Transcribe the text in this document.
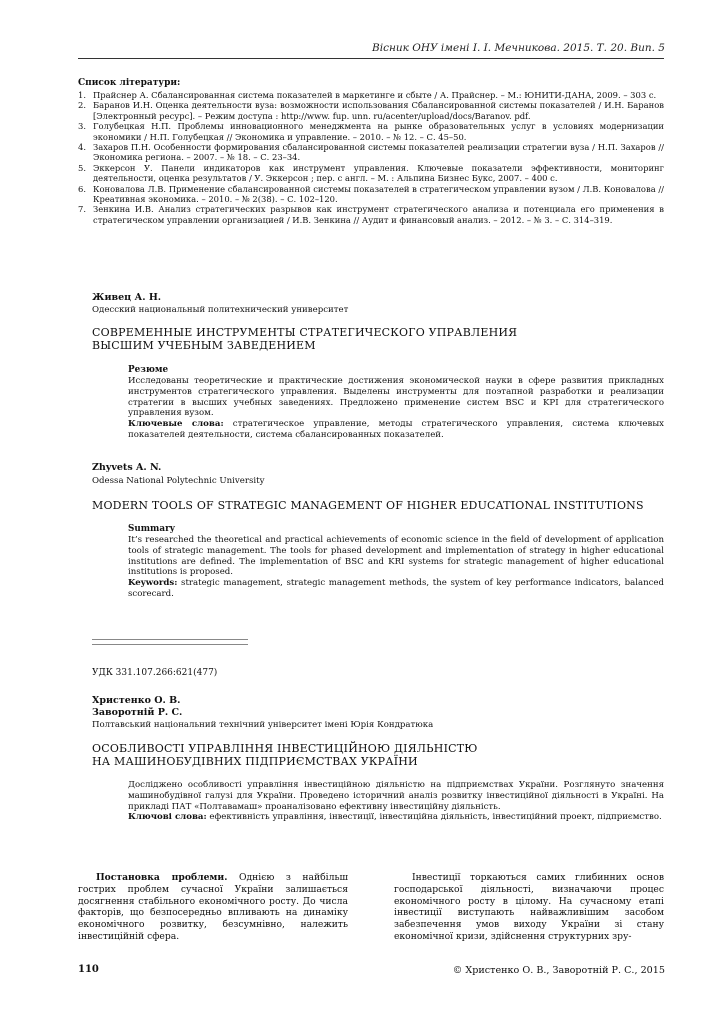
Вісник ОНУ імені І. І. Мечникова. 2015. Т. 20. Вип. 5
Список літератури:
1. Прайснер А. Сбалансированная система показателей в маркетинге и сбыте / А. Прайснер. – М.: ЮНИТИ-ДАНА, 2009. – 303 с.
2. Баранов И.Н. Оценка деятельности вуза: возможности использования Сбалансированной системы показателей / И.Н. Баранов [Электронный ресурс]. – Режим доступа : http://www. fup. unn. ru/acenter/upload/docs/Baranov. pdf.
3. Голубецкая Н.П. Проблемы инновационного менеджмента на рынке образовательных услуг в условиях модернизации экономики / Н.П. Голубецкая // Экономика и управление. – 2010. – № 12. – С. 45–50.
4. Захаров П.Н. Особенности формирования сбалансированной системы показателей реализации стратегии вуза / Н.П. Захаров // Экономика региона. – 2007. – № 18. – С. 23–34.
5. Эккерсон У. Панели индикаторов как инструмент управления. Ключевые показатели эффективности, мониторинг деятельности, оценка результатов / У. Эккерсон ; пер. с англ. – М. : Альпина Бизнес Букс, 2007. – 400 с.
6. Коновалова Л.В. Применение сбалансированной системы показателей в стратегическом управлении вузом / Л.В. Коновалова // Креативная экономика. – 2010. – № 2(38). – С. 102–120.
7. Зенкина И.В. Анализ стратегических разрывов как инструмент стратегического анализа и потенциала его применения в стратегическом управлении организацией / И.В. Зенкина // Аудит и финансовый анализ. – 2012. – № 3. – С. 314–319.
Живец А. Н.
Одесский национальный политехнический университет
СОВРЕМЕННЫЕ ИНСТРУМЕНТЫ СТРАТЕГИЧЕСКОГО УПРАВЛЕНИЯ
ВЫСШИМ УЧЕБНЫМ ЗАВЕДЕНИЕМ
Резюме
Исследованы теоретические и практические достижения экономической науки в сфере развития прикладных инструментов стратегического управления. Выделены инструменты для поэтапной разработки и реализации стратегии в высших учебных заведениях. Предложено применение систем BSC и KPI для стратегического управления вузом.
Ключевые слова: стратегическое управление, методы стратегического управления, система ключевых показателей деятельности, система сбалансированных показателей.
Zhyvets A. N.
Odessa National Polytechnic University
MODERN TOOLS OF STRATEGIC MANAGEMENT OF HIGHER EDUCATIONAL INSTITUTIONS
Summary
It’s researched the theoretical and practical achievements of economic science in the field of development of application tools of strategic management. The tools for phased development and implementation of strategy in higher educational institutions are defined. The implementation of BSC and KRI systems for strategic management of higher educational institutions is proposed.
Keywords: strategic management, strategic management methods, the system of key performance indicators, balanced scorecard.
УДК 331.107.266:621(477)
Христенко О. В.
Заворотній Р. С.
Полтавський національний технічний університет імені Юрія Кондратюка
ОСОБЛИВОСТІ УПРАВЛІННЯ ІНВЕСТИЦІЙНОЮ ДІЯЛЬНІСТЮ
НА МАШИНОБУДІВНИХ ПІДПРИЄМСТВАХ УКРАЇНИ
Досліджено особливості управління інвестиційною діяльністю на підприємствах України. Розглянуто значення машинобудівної галузі для України. Проведено історичний аналіз розвитку інвестиційної діяльності в Україні. На прикладі ПАТ «Полтавамаш» проаналізовано ефективну інвестиційну діяльність.
Ключові слова: ефективність управління, інвестиції, інвестиційна діяльність, інвестиційний проект, підприємство.
Постановка проблеми. Однією з найбільш гострих проблем сучасної України залишається досягнення стабільного економічного росту. До числа факторів, що безпосередньо впливають на динаміку економічного розвитку, безсумнівно, належить інвестиційній сфера.
Інвестиції торкаються самих глибинних основ господарської діяльності, визначаючи процес економічного росту в цілому. На сучасному етапі інвестиції виступають найважливішим засобом забезпечення умов виходу України зі стану економічної кризи, здійснення структурних зру-
110	© Христенко О. В., Заворотній Р. С., 2015
